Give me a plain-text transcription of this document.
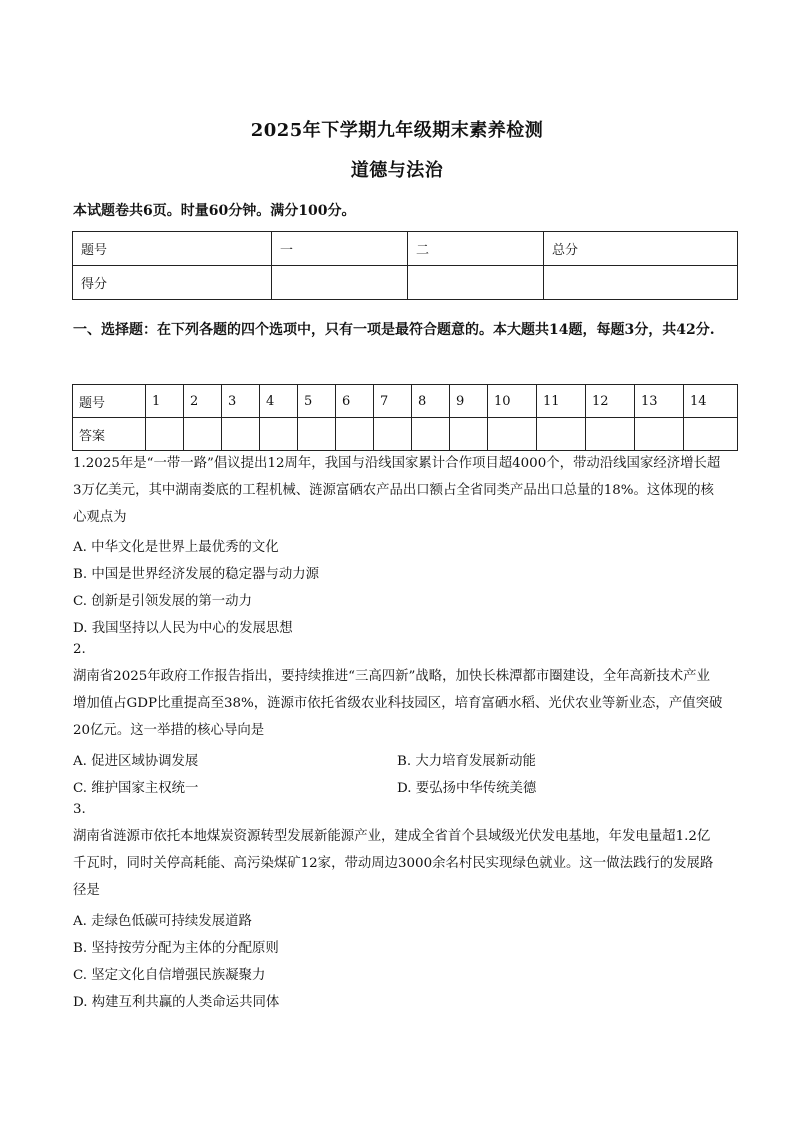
2025年下学期九年级期末素养检测
道德与法治
本试题卷共6页。时量60分钟。满分100分。
题号	一	二	总分
得分			
一、选择题：在下列各题的四个选项中，只有一项是最符合题意的。本大题共14题，每题3分，共42分.
题号	1	2	3	4	5	6	7	8	9	10	11	12	13	14
答案														
1.2025年是“一带一路”倡议提出12周年，我国与沿线国家累计合作项目超4000个，带动沿线国家经济增长超3万亿美元，其中湖南娄底的工程机械、涟源富硒农产品出口额占全省同类产品出口总量的18%。这体现的核心观点为
A. 中华文化是世界上最优秀的文化
B. 中国是世界经济发展的稳定器与动力源
C. 创新是引领发展的第一动力
D. 我国坚持以人民为中心的发展思想
2.
湖南省2025年政府工作报告指出，要持续推进“三高四新”战略，加快长株潭都市圈建设，全年高新技术产业增加值占GDP比重提高至38%，涟源市依托省级农业科技园区，培育富硒水稻、光伏农业等新业态，产值突破20亿元。这一举措的核心导向是
A. 促进区域协调发展	B. 大力培育发展新动能
C. 维护国家主权统一	D. 要弘扬中华传统美德
3.
湖南省涟源市依托本地煤炭资源转型发展新能源产业，建成全省首个县域级光伏发电基地，年发电量超1.2亿千瓦时，同时关停高耗能、高污染煤矿12家，带动周边3000余名村民实现绿色就业。这一做法践行的发展路径是
A. 走绿色低碳可持续发展道路
B. 坚持按劳分配为主体的分配原则
C. 坚定文化自信增强民族凝聚力
D. 构建互利共赢的人类命运共同体
